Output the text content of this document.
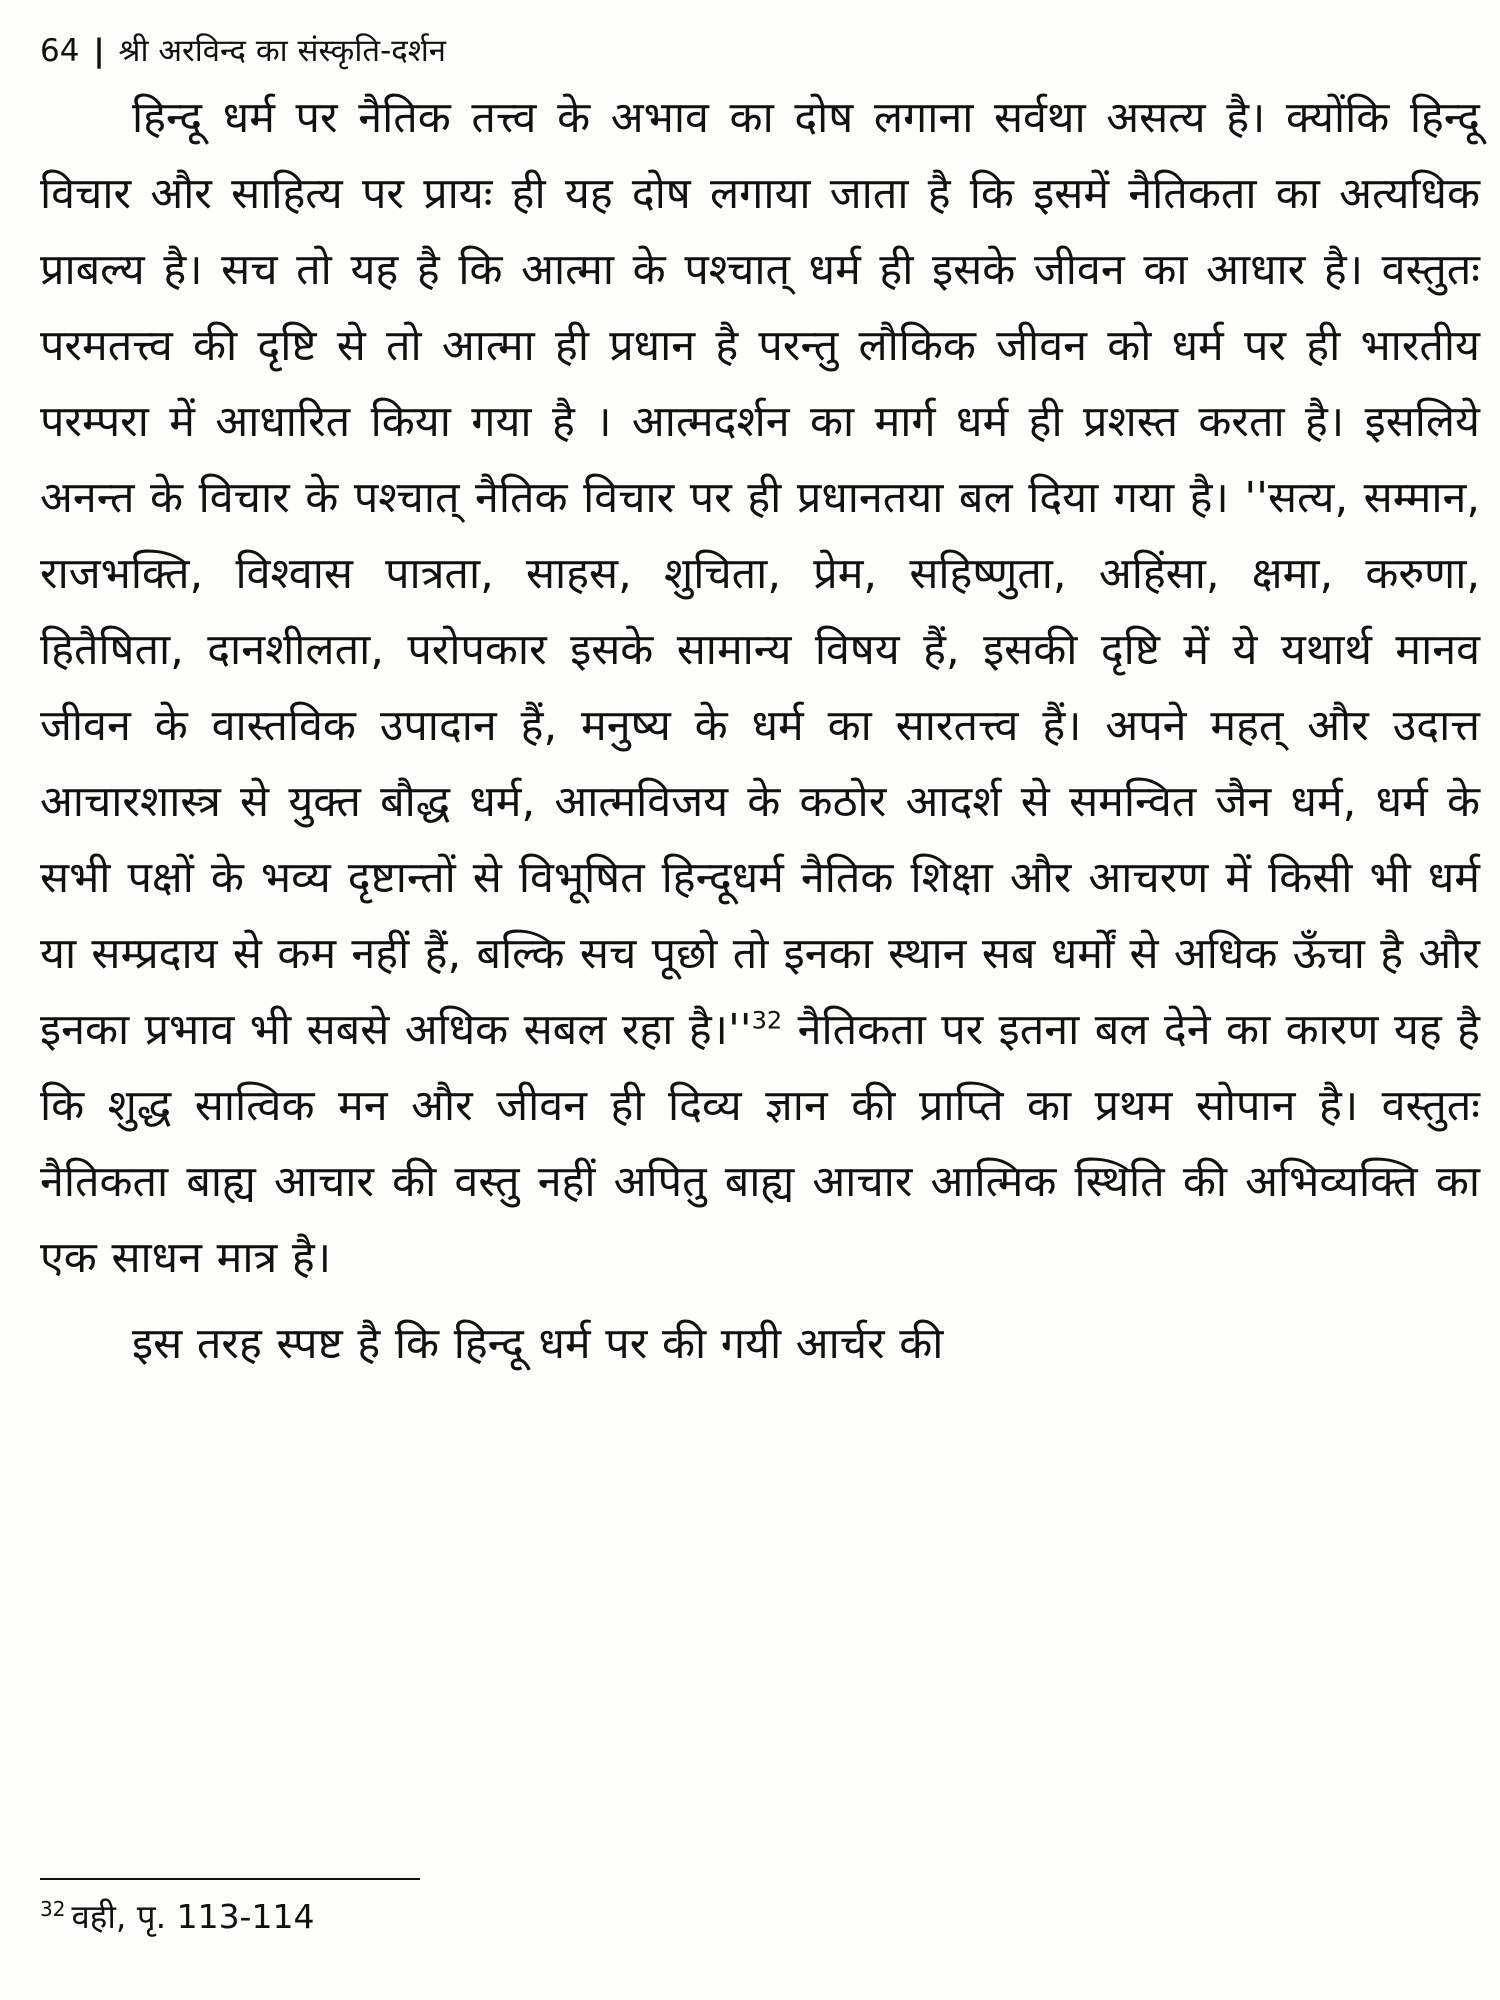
64 | श्री अरविन्द का संस्कृति-दर्शन

हिन्दू धर्म पर नैतिक तत्त्व के अभाव का दोष लगाना सर्वथा असत्य है। क्योंकि हिन्दू विचार और साहित्य पर प्रायः ही यह दोष लगाया जाता है कि इसमें नैतिकता का अत्यधिक प्राबल्य है। सच तो यह है कि आत्मा के पश्चात् धर्म ही इसके जीवन का आधार है। वस्तुतः परमतत्त्व की दृष्टि से तो आत्मा ही प्रधान है परन्तु लौकिक जीवन को धर्म पर ही भारतीय परम्परा में आधारित किया गया है । आत्मदर्शन का मार्ग धर्म ही प्रशस्त करता है। इसलिये अनन्त के विचार के पश्चात् नैतिक विचार पर ही प्रधानतया बल दिया गया है। ''सत्य, सम्मान, राजभक्ति, विश्वास पात्रता, साहस, शुचिता, प्रेम, सहिष्णुता, अहिंसा, क्षमा, करुणा, हितैषिता, दानशीलता, परोपकार इसके सामान्य विषय हैं, इसकी दृष्टि में ये यथार्थ मानव जीवन के वास्तविक उपादान हैं, मनुष्य के धर्म का सारतत्त्व हैं। अपने महत् और उदात्त आचारशास्त्र से युक्त बौद्ध धर्म, आत्मविजय के कठोर आदर्श से समन्वित जैन धर्म, धर्म के सभी पक्षों के भव्य दृष्टान्तों से विभूषित हिन्दूधर्म नैतिक शिक्षा और आचरण में किसी भी धर्म या सम्प्रदाय से कम नहीं हैं, बल्कि सच पूछो तो इनका स्थान सब धर्मों से अधिक ऊँचा है और इनका प्रभाव भी सबसे अधिक सबल रहा है।''$^{32}$ नैतिकता पर इतना बल देने का कारण यह है कि शुद्ध सात्विक मन और जीवन ही दिव्य ज्ञान की प्राप्ति का प्रथम सोपान है। वस्तुतः नैतिकता बाह्य आचार की वस्तु नहीं अपितु बाह्य आचार आत्मिक स्थिति की अभिव्यक्ति का एक साधन मात्र है।

इस तरह स्पष्ट है कि हिन्दू धर्म पर की गयी आर्चर की

$^{32}$ वही, पृ. 113-114
